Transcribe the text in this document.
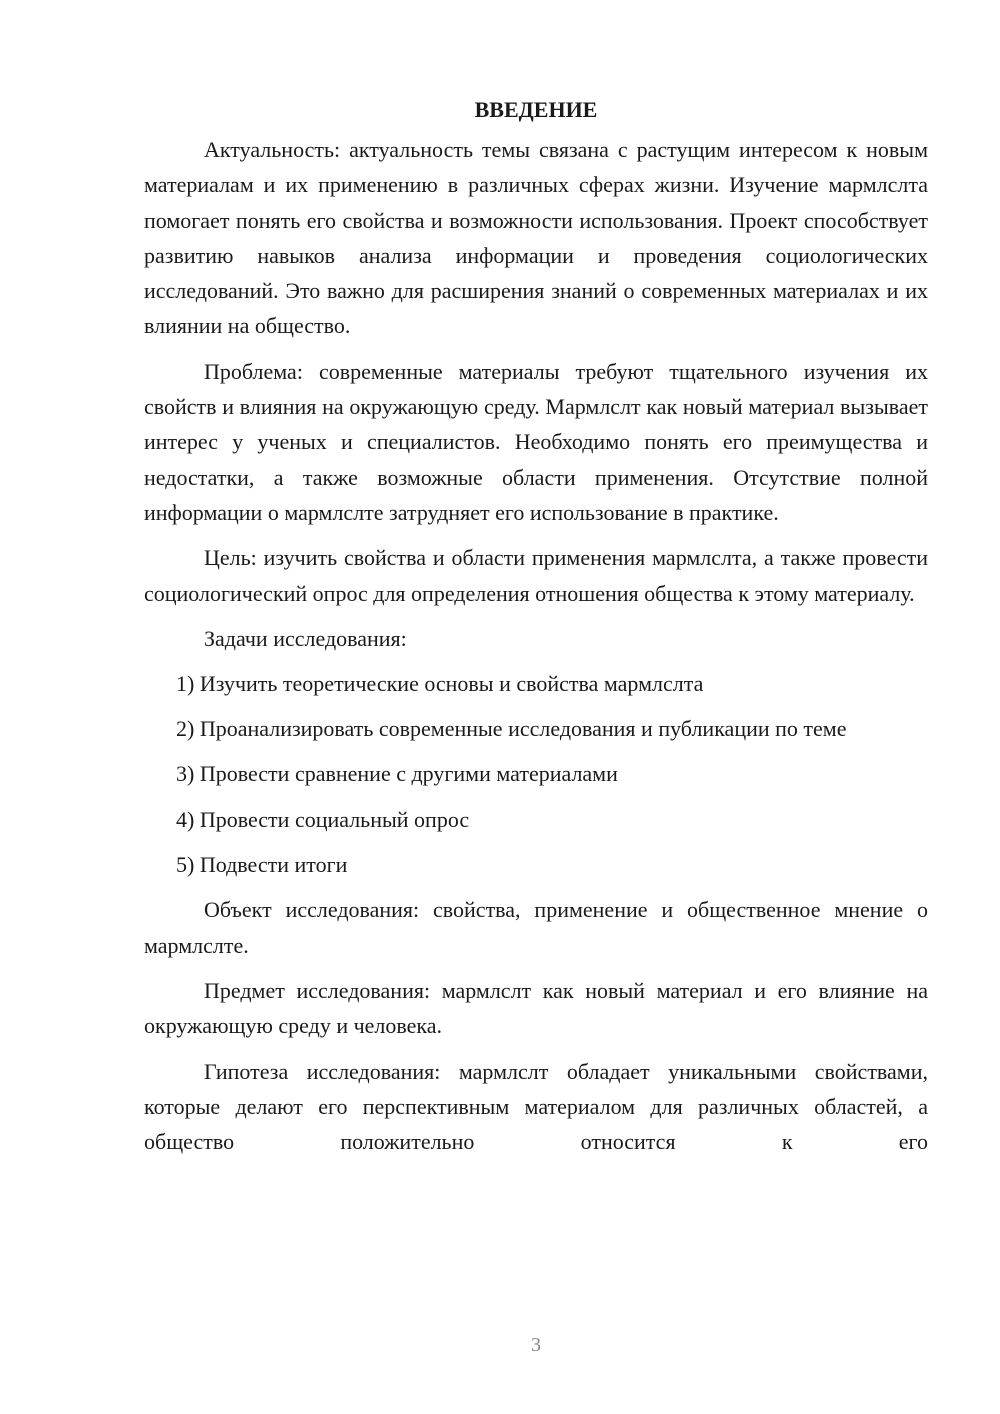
ВВЕДЕНИЕ

Актуальность: актуальность темы связана с растущим интересом к новым материалам и их применению в различных сферах жизни. Изучение мармлслта помогает понять его свойства и возможности использования. Проект способствует развитию навыков анализа информации и проведения социологических исследований. Это важно для расширения знаний о современных материалах и их влиянии на общество.

Проблема: современные материалы требуют тщательного изучения их свойств и влияния на окружающую среду. Мармлслт как новый материал вызывает интерес у ученых и специалистов. Необходимо понять его преимущества и недостатки, а также возможные области применения. Отсутствие полной информации о мармлслте затрудняет его использование в практике.

Цель: изучить свойства и области применения мармлслта, а также провести социологический опрос для определения отношения общества к этому материалу.

Задачи исследования:

1) Изучить теоретические основы и свойства мармлслта

2) Проанализировать современные исследования и публикации по теме

3) Провести сравнение с другими материалами

4) Провести социальный опрос

5) Подвести итоги

Объект исследования: свойства, применение и общественное мнение о мармлслте.

Предмет исследования: мармлслт как новый материал и его влияние на окружающую среду и человека.

Гипотеза исследования: мармлслт обладает уникальными свойствами, которые делают его перспективным материалом для различных областей, а общество положительно относится к его

3
